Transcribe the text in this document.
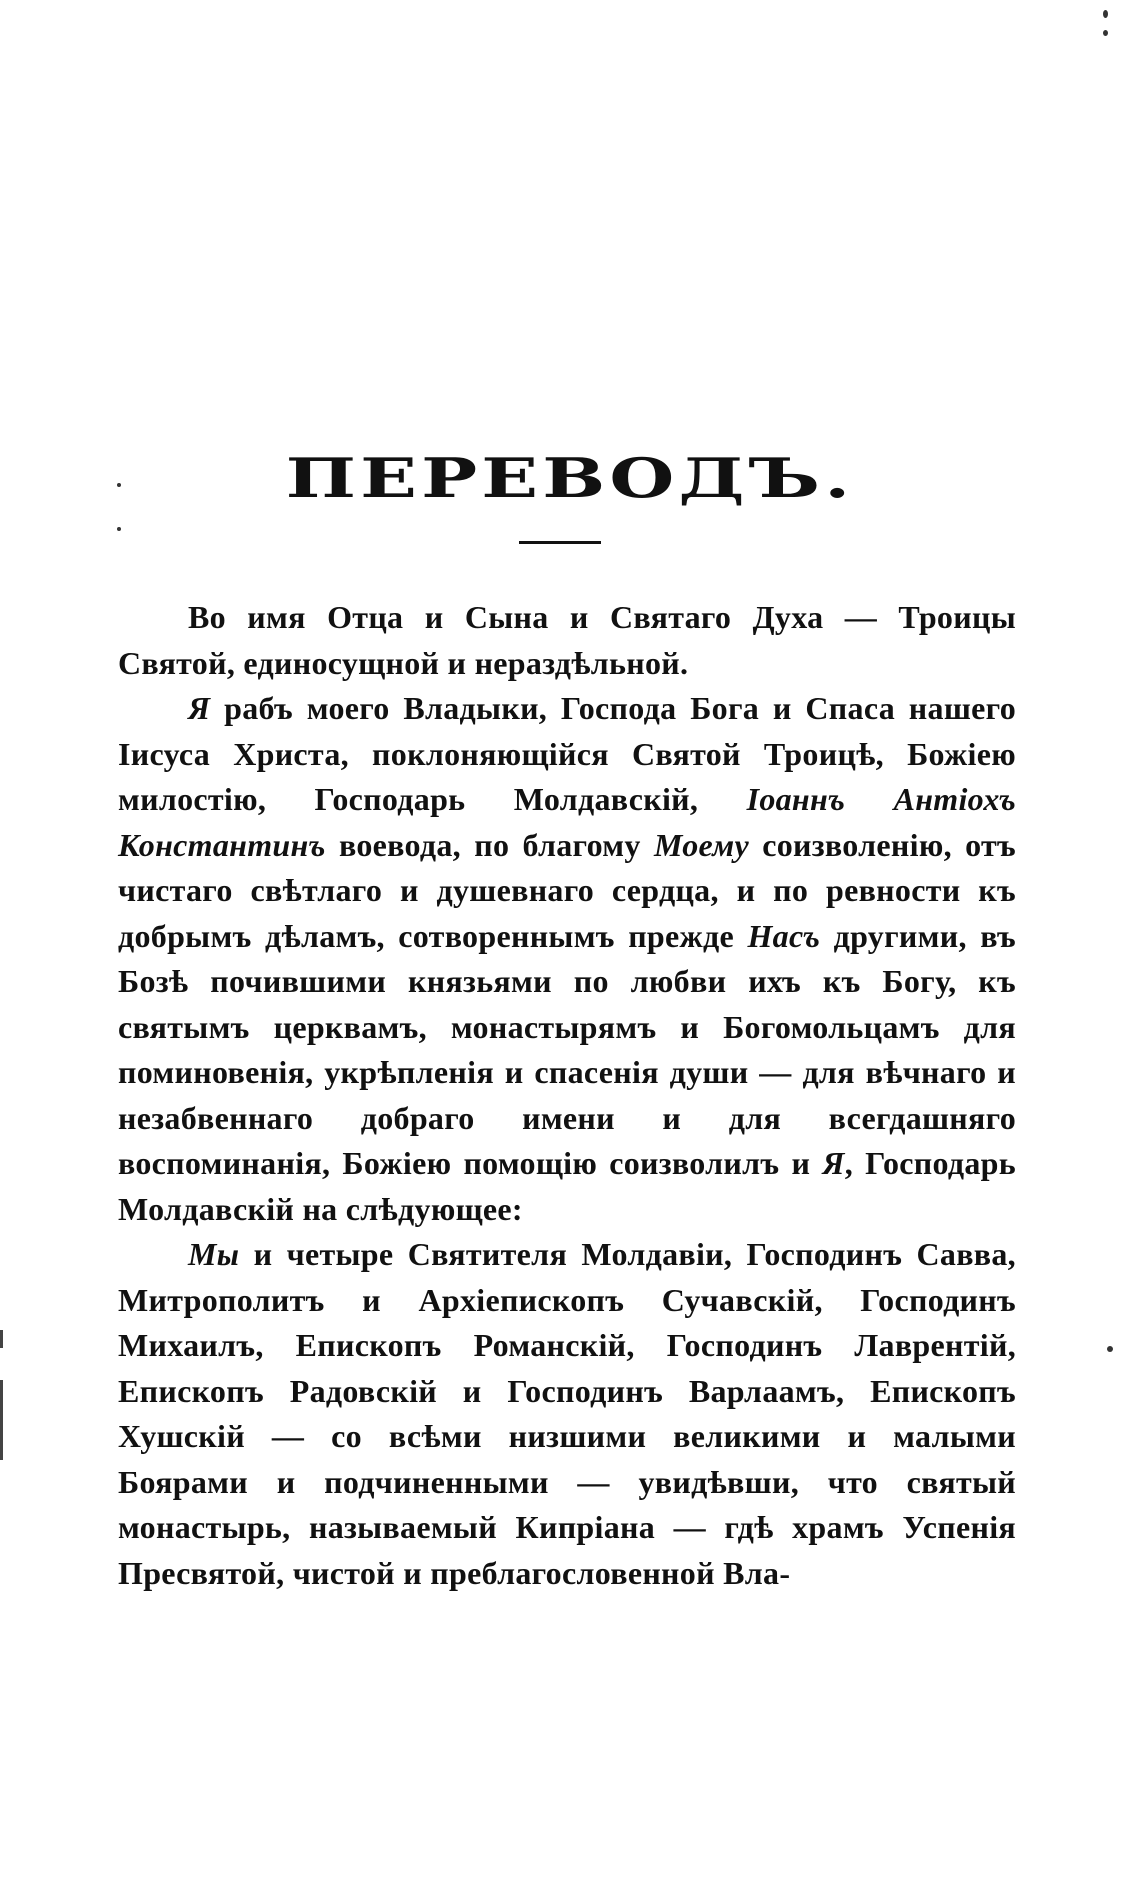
ПЕРЕВОДЪ.

Во имя Отца и Сына и Святаго Духа — Троицы Святой, единосущной и нераздѣльной.

Я рабъ моего Владыки, Господа Бога и Спаса нашего Іисуса Христа, поклоняющійся Святой Троицѣ, Божіею милостію, Господарь Молдавскій, Іоаннъ Антіохъ Константинъ воевода, по благому Моему соизволенію, отъ чистаго свѣтлаго и душевнаго сердца, и по ревности къ добрымъ дѣламъ, сотвореннымъ прежде Насъ другими, въ Бозѣ почившими князьями по любви ихъ къ Богу, къ святымъ церквамъ, монастырямъ и Богомольцамъ для поминовенія, укрѣпленія и спасенія души — для вѣчнаго и незабвеннаго добраго имени и для всегдашняго воспоминанія, Божіею помощію соизволилъ и Я, Господарь Молдавскій на слѣдующее:

Мы и четыре Святителя Молдавіи, Господинъ Савва, Митрополитъ и Архіепископъ Сучавскій, Господинъ Михаилъ, Епископъ Романскій, Господинъ Лаврентій, Епископъ Радовскій и Господинъ Варлаамъ, Епископъ Хушскій — со всѣми низшими великими и малыми Боярами и подчиненными — увидѣвши, что святый монастырь, называемый Кипріана — гдѣ храмъ Успенія Пресвятой, чистой и преблагословенной Вла-
